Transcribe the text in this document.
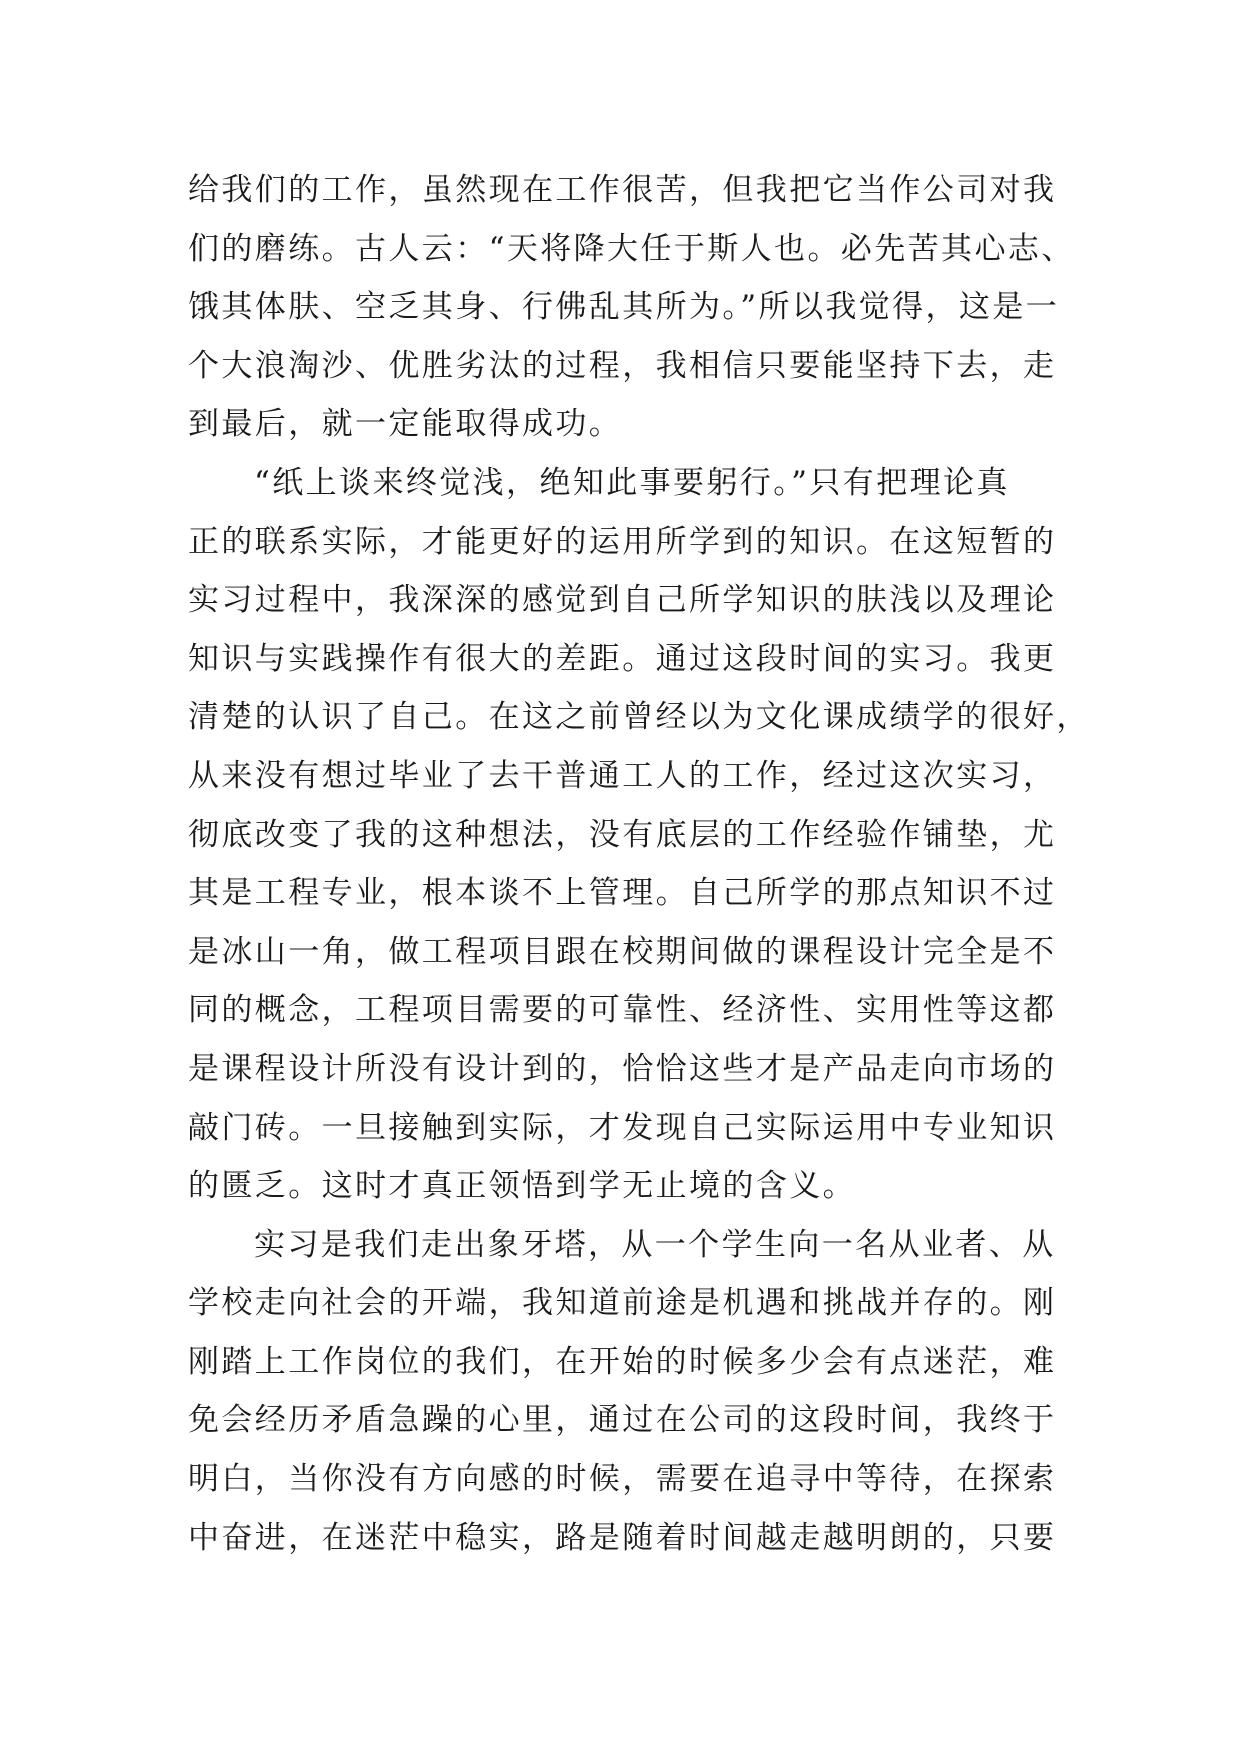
给我们的工作，虽然现在工作很苦，但我把它当作公司对我
们的磨练。古人云：“天将降大任于斯人也。必先苦其心志、
饿其体肤、空乏其身、行佛乱其所为。”所以我觉得，这是一
个大浪淘沙、优胜劣汰的过程，我相信只要能坚持下去，走
到最后，就一定能取得成功。
“纸上谈来终觉浅，绝知此事要躬行。”只有把理论真
正的联系实际，才能更好的运用所学到的知识。在这短暂的
实习过程中，我深深的感觉到自己所学知识的肤浅以及理论
知识与实践操作有很大的差距。通过这段时间的实习。我更
清楚的认识了自己。在这之前曾经以为文化课成绩学的很好，
从来没有想过毕业了去干普通工人的工作，经过这次实习，
彻底改变了我的这种想法，没有底层的工作经验作铺垫，尤
其是工程专业，根本谈不上管理。自己所学的那点知识不过
是冰山一角，做工程项目跟在校期间做的课程设计完全是不
同的概念，工程项目需要的可靠性、经济性、实用性等这都
是课程设计所没有设计到的，恰恰这些才是产品走向市场的
敲门砖。一旦接触到实际，才发现自己实际运用中专业知识
的匮乏。这时才真正领悟到学无止境的含义。
实习是我们走出象牙塔，从一个学生向一名从业者、从
学校走向社会的开端，我知道前途是机遇和挑战并存的。刚
刚踏上工作岗位的我们，在开始的时候多少会有点迷茫，难
免会经历矛盾急躁的心里，通过在公司的这段时间，我终于
明白，当你没有方向感的时候，需要在追寻中等待，在探索
中奋进，在迷茫中稳实，路是随着时间越走越明朗的，只要
